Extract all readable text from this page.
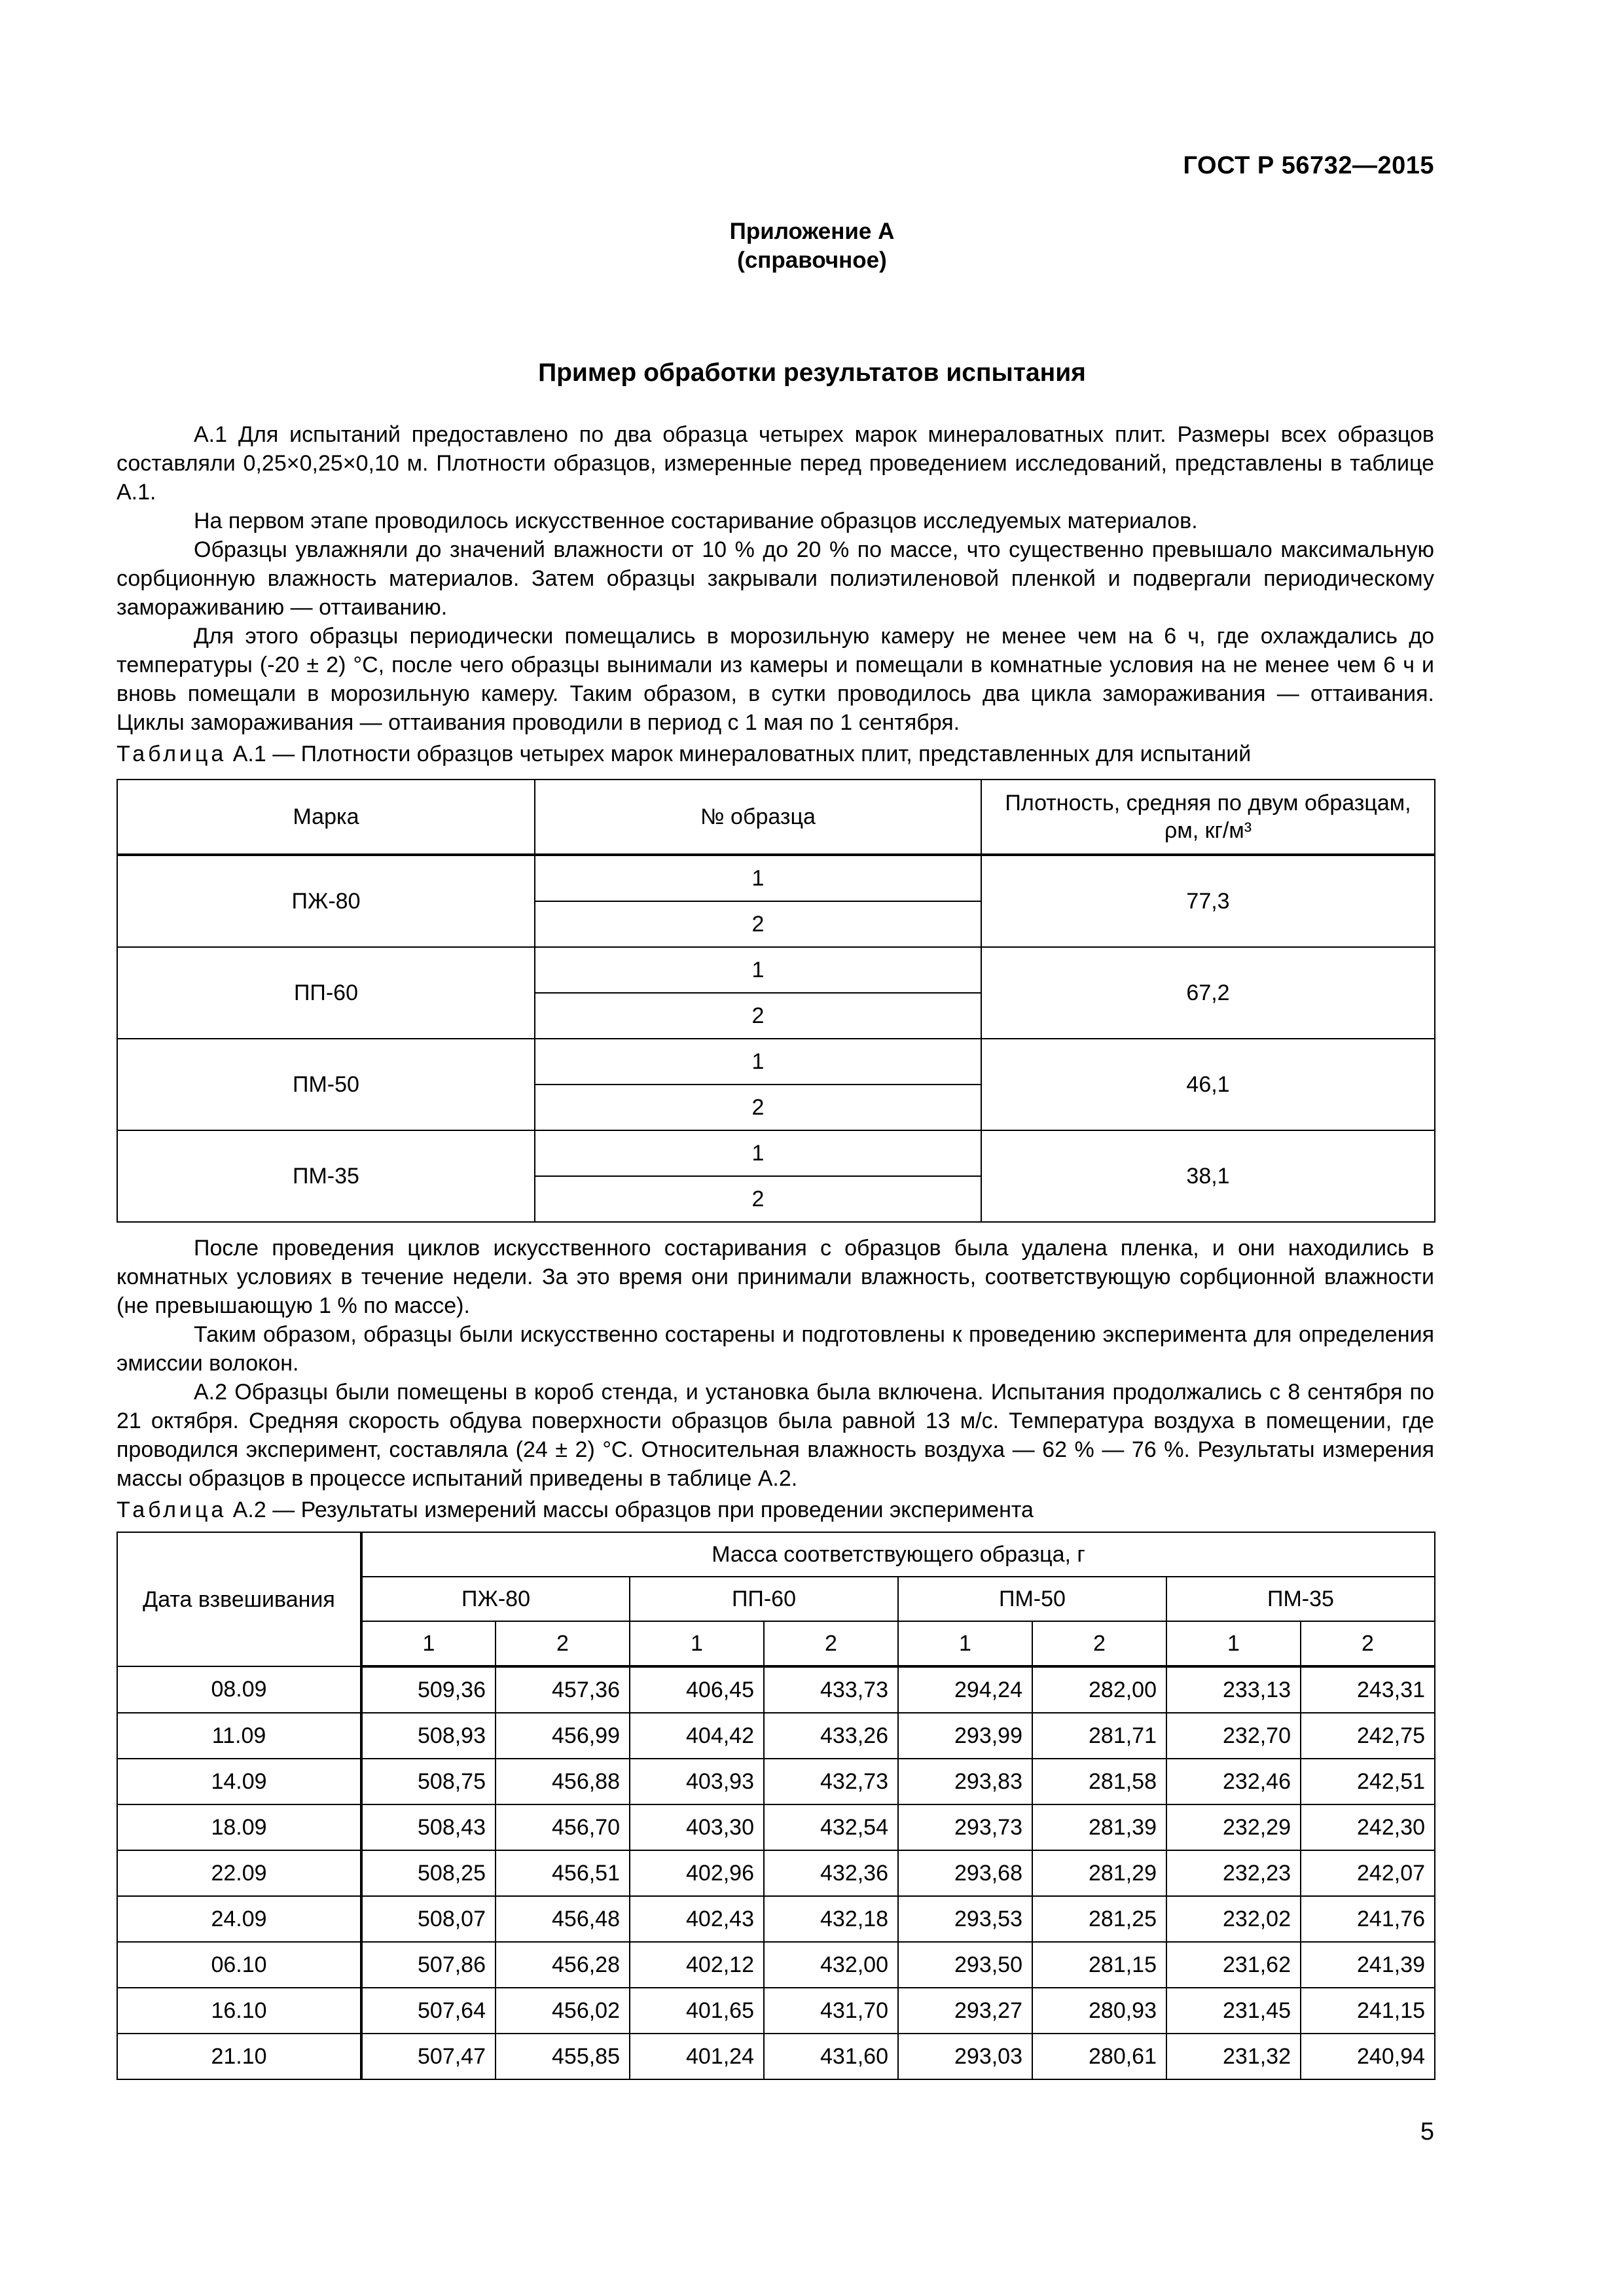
ГОСТ Р 56732—2015
Приложение А
(справочное)
Пример обработки результатов испытания

А.1 Для испытаний предоставлено по два образца четырех марок минераловатных плит. Размеры всех образцов составляли 0,25×0,25×0,10 м. Плотности образцов, измеренные перед проведением исследований, представлены в таблице А.1.

На первом этапе проводилось искусственное состаривание образцов исследуемых материалов.

Образцы увлажняли до значений влажности от 10 % до 20 % по массе, что существенно превышало максимальную сорбционную влажность материалов. Затем образцы закрывали полиэтиленовой пленкой и подвергали периодическому замораживанию — оттаиванию.

Для этого образцы периодически помещались в морозильную камеру не менее чем на 6 ч, где охлаждались до температуры (-20 ± 2) °С, после чего образцы вынимали из камеры и помещали в комнатные условия на не менее чем 6 ч и вновь помещали в морозильную камеру. Таким образом, в сутки проводилось два цикла замораживания — оттаивания. Циклы замораживания — оттаивания проводили в период с 1 мая по 1 сентября.

Таблица А.1 — Плотности образцов четырех марок минераловатных плит, представленных для испытаний
Марка	№ образца	Плотность, средняя по двум образцам, ρм, кг/м³
ПЖ-80	1	77,3
	2	
ПП-60	1	67,2
	2	
ПМ-50	1	46,1
	2	
ПМ-35	1	38,1
	2	

После проведения циклов искусственного состаривания с образцов была удалена пленка, и они находились в комнатных условиях в течение недели. За это время они принимали влажность, соответствующую сорбционной влажности (не превышающую 1 % по массе).

Таким образом, образцы были искусственно состарены и подготовлены к проведению эксперимента для определения эмиссии волокон.

А.2 Образцы были помещены в короб стенда, и установка была включена. Испытания продолжались с 8 сентября по 21 октября. Средняя скорость обдува поверхности образцов была равной 13 м/с. Температура воздуха в помещении, где проводился эксперимент, составляла (24 ± 2) °С. Относительная влажность воздуха — 62 % — 76 %. Результаты измерения массы образцов в процессе испытаний приведены в таблице А.2.

Таблица А.2 — Результаты измерений массы образцов при проведении эксперимента
Дата взвешивания	Масса соответствующего образца, г							
	ПЖ-80		ПП-60		ПМ-50		ПМ-35	
	1	2	1	2	1	2	1	2
08.09	509,36	457,36	406,45	433,73	294,24	282,00	233,13	243,31
11.09	508,93	456,99	404,42	433,26	293,99	281,71	232,70	242,75
14.09	508,75	456,88	403,93	432,73	293,83	281,58	232,46	242,51
18.09	508,43	456,70	403,30	432,54	293,73	281,39	232,29	242,30
22.09	508,25	456,51	402,96	432,36	293,68	281,29	232,23	242,07
24.09	508,07	456,48	402,43	432,18	293,53	281,25	232,02	241,76
06.10	507,86	456,28	402,12	432,00	293,50	281,15	231,62	241,39
16.10	507,64	456,02	401,65	431,70	293,27	280,93	231,45	241,15
21.10	507,47	455,85	401,24	431,60	293,03	280,61	231,32	240,94
5
